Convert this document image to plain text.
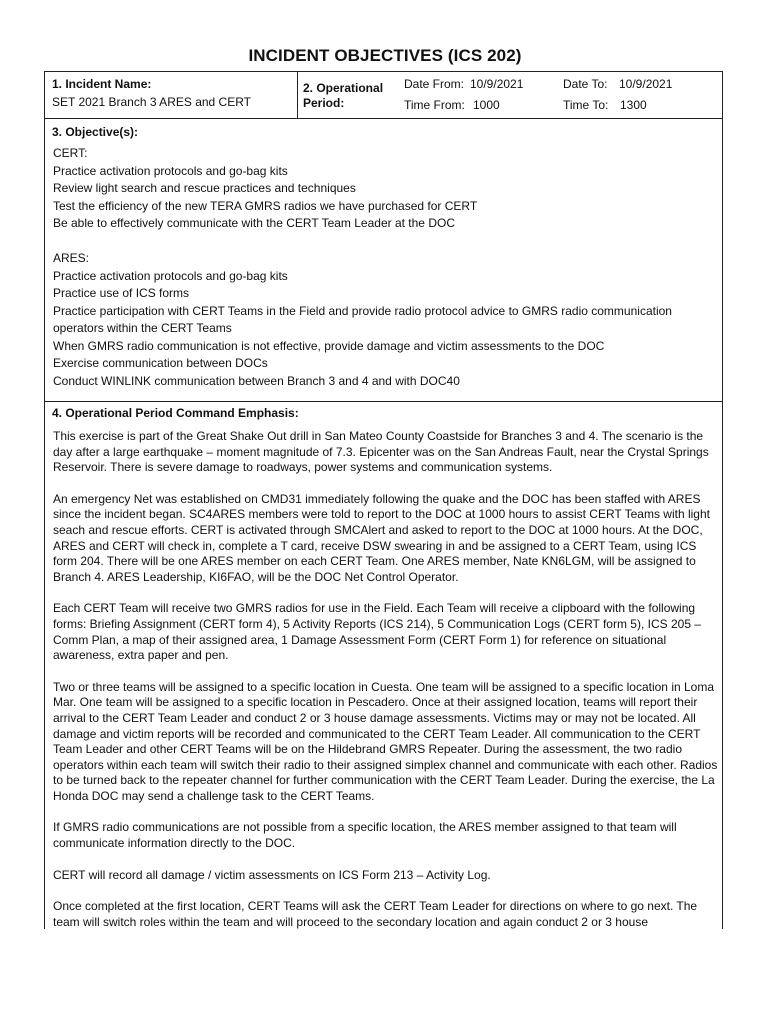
INCIDENT OBJECTIVES (ICS 202)
1. Incident Name:
SET 2021 Branch 3 ARES and CERT
2. Operational
Period:
Date From: 10/9/2021	Date To: 10/9/2021
Time From: 1000	Time To: 1300
3. Objective(s):
CERT:
Practice activation protocols and go-bag kits
Review light search and rescue practices and techniques
Test the efficiency of the new TERA GMRS radios we have purchased for CERT
Be able to effectively communicate with the CERT Team Leader at the DOC
ARES:
Practice activation protocols and go-bag kits
Practice use of ICS forms
Practice participation with CERT Teams in the Field and provide radio protocol advice to GMRS radio communication
operators within the CERT Teams
When GMRS radio communication is not effective, provide damage and victim assessments to the DOC
Exercise communication between DOCs
Conduct WINLINK communication between Branch 3 and 4 and with DOC40
4. Operational Period Command Emphasis:

This exercise is part of the Great Shake Out drill in San Mateo County Coastside for Branches 3 and 4. The scenario is the day after a large earthquake – moment magnitude of 7.3. Epicenter was on the San Andreas Fault, near the Crystal Springs Reservoir. There is severe damage to roadways, power systems and communication systems.

An emergency Net was established on CMD31 immediately following the quake and the DOC has been staffed with ARES since the incident began. SC4ARES members were told to report to the DOC at 1000 hours to assist CERT Teams with light seach and rescue efforts. CERT is activated through SMCAlert and asked to report to the DOC at 1000 hours. At the DOC, ARES and CERT will check in, complete a T card, receive DSW swearing in and be assigned to a CERT Team, using ICS form 204. There will be one ARES member on each CERT Team. One ARES member, Nate KN6LGM, will be assigned to Branch 4. ARES Leadership, KI6FAO, will be the DOC Net Control Operator.

Each CERT Team will receive two GMRS radios for use in the Field. Each Team will receive a clipboard with the following forms: Briefing Assignment (CERT form 4), 5 Activity Reports (ICS 214), 5 Communication Logs (CERT form 5), ICS 205 – Comm Plan, a map of their assigned area, 1 Damage Assessment Form (CERT Form 1) for reference on situational awareness, extra paper and pen.

Two or three teams will be assigned to a specific location in Cuesta. One team will be assigned to a specific location in Loma Mar. One team will be assigned to a specific location in Pescadero. Once at their assigned location, teams will report their arrival to the CERT Team Leader and conduct 2 or 3 house damage assessments. Victims may or may not be located. All damage and victim reports will be recorded and communicated to the CERT Team Leader. All communication to the CERT Team Leader and other CERT Teams will be on the Hildebrand GMRS Repeater. During the assessment, the two radio operators within each team will switch their radio to their assigned simplex channel and communicate with each other. Radios to be turned back to the repeater channel for further communication with the CERT Team Leader. During the exercise, the La Honda DOC may send a challenge task to the CERT Teams.

If GMRS radio communications are not possible from a specific location, the ARES member assigned to that team will communicate information directly to the DOC.

CERT will record all damage / victim assessments on ICS Form 213 – Activity Log.

Once completed at the first location, CERT Teams will ask the CERT Team Leader for directions on where to go next. The team will switch roles within the team and will proceed to the secondary location and again conduct 2 or 3 house
